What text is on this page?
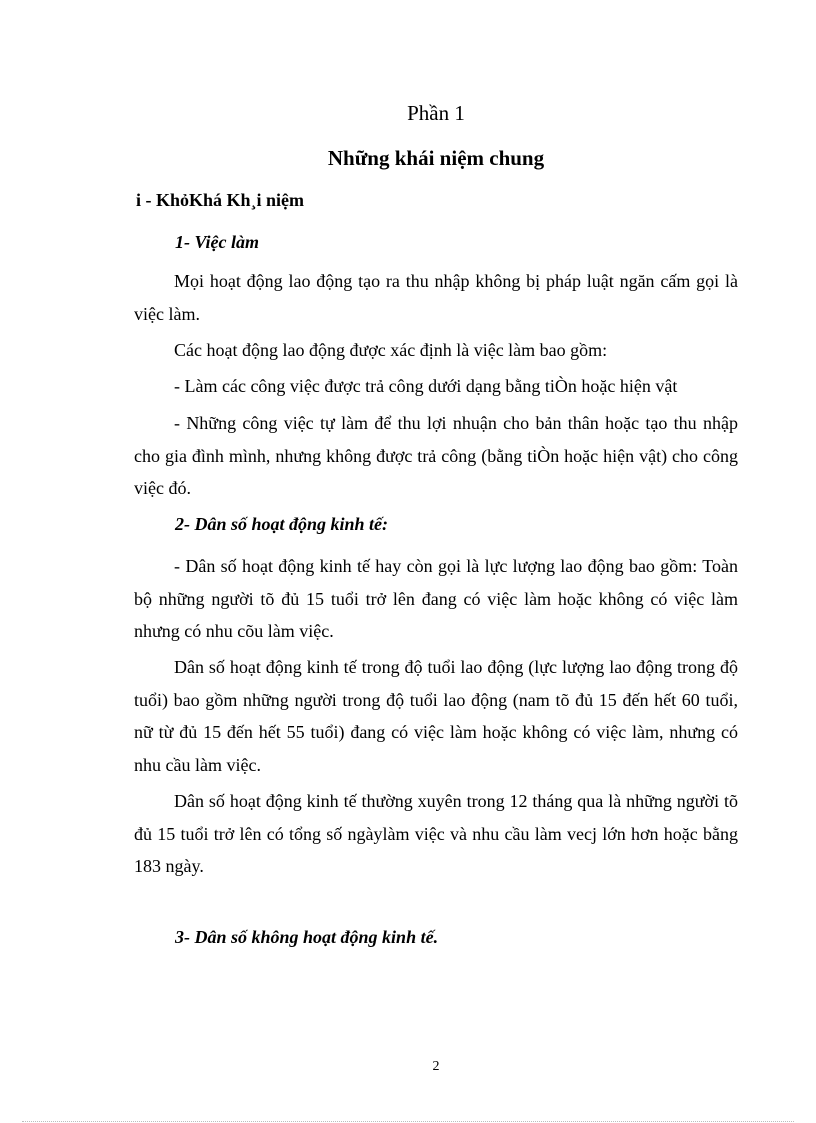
Phần 1
Những khái niệm chung
i - KhỏKhá Kh¸i niệm
1- Việc làm
Mọi hoạt động lao động tạo ra thu nhập không bị pháp luật ngăn cấm gọi là việc làm.
Các hoạt động lao động được xác định là việc làm bao gồm:
- Làm các công việc được trả công dưới dạng bằng tiÒn hoặc hiện vật
- Những công việc tự làm để thu lợi nhuận cho bản thân hoặc tạo thu nhập cho gia đình mình, nhưng không được trả công (bằng tiÒn hoặc hiện vật) cho công việc đó.
2- Dân số hoạt động kinh tế:
- Dân số hoạt động kinh tế hay còn gọi là lực lượng lao động bao gồm: Toàn bộ những người tõ đủ 15 tuổi trở lên đang có việc làm hoặc không có việc làm nhưng có nhu cõu làm việc.
Dân số hoạt động kinh tế trong độ tuổi lao động (lực lượng lao động trong độ tuổi) bao gồm những người trong độ tuổi lao động (nam tõ đủ 15 đến hết 60 tuổi, nữ từ đủ 15 đến hết 55 tuổi) đang có việc làm hoặc không có việc làm, nhưng có nhu cầu làm việc.
Dân số hoạt động kinh tế thường xuyên trong 12 tháng qua là những người tõ đủ 15 tuổi trở lên có tổng số ngàylàm việc và nhu cầu làm vecj lớn hơn hoặc bằng 183 ngày.
3- Dân số không hoạt động kinh tế.
2
